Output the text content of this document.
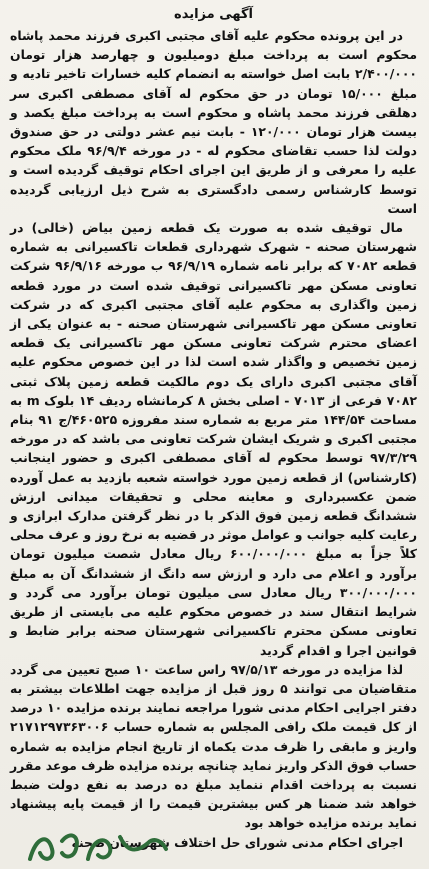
آگهی مزایده

در این پرونده محکوم علیه آقای مجتبی اکبری فرزند محمد پاشاه محکوم است به پرداخت مبلغ دومیلیون و چهارصد هزار تومان ۲/۴۰۰/۰۰۰ بابت اصل خواسته به انضمام کلیه خسارات تاخیر تادیه و مبلغ ۱۵/۰۰۰ تومان در حق محکوم له آقای مصطفی اکبری سر دهلقی فرزند محمد پاشاه و محکوم است به پرداخت مبلغ یکصد و بیست هزار تومان ۱۲۰/۰۰۰ - بابت نیم عشر دولتی در حق صندوق دولت لذا حسب تقاضای محکوم له - در مورخه ۹۶/۹/۴ ملک محکوم علیه را معرفی و از طریق این اجرای احکام توقیف گردیده است و توسط کارشناس رسمی دادگستری به شرح ذیل ارزیابی گردیده است

مال توقیف شده به صورت یک قطعه زمین بیاض (خالی) در شهرستان صحنه - شهرک شهرداری قطعات تاکسیرانی به شماره قطعه ۷۰۸۲ که برابر نامه شماره ۹۶/۹/۱۹ ب مورخه ۹۶/۹/۱۶ شرکت تعاونی مسکن مهر تاکسیرانی توقیف شده است در مورد قطعه زمین واگذاری به محکوم علیه آقای مجتبی اکبری که در شرکت تعاونی مسکن مهر تاکسیرانی شهرستان صحنه - به عنوان یکی از اعضای محترم شرکت تعاونی مسکن مهر تاکسیرانی یک قطعه زمین تخصیص و واگذار شده است لذا در این خصوص محکوم علیه آقای مجتبی اکبری دارای یک دوم مالکیت قطعه زمین پلاک ثبتی ۷۰۸۲ فرعی از ۷۰۱۳ - اصلی بخش ۸ کرمانشاه ردیف ۱۴ بلوک m به مساحت ۱۴۴/۵۴ متر مربع به شماره سند مفروزه ۴۶۰۵۲۵/ج ۹۱ بنام مجتبی اکبری و شریک ایشان شرکت تعاونی می باشد که در مورخه ۹۷/۳/۲۹ توسط محکوم له آقای مصطفی اکبری و حضور اینجانب (کارشناس) از قطعه زمین مورد خواسته شعبه بازدید به عمل آورده ضمن عکسبرداری و معاینه محلی و تحقیقات میدانی ارزش ششدانگ قطعه زمین فوق الذکر با در نظر گرفتن مدارک ابرازی و رعایت کلیه جوانب و عوامل موثر در قضیه به نرخ روز و عرف محلی کلاً جزاً به مبلغ ۶۰۰/۰۰۰/۰۰۰ ریال معادل شصت میلیون تومان برآورد و اعلام می دارد و ارزش سه دانگ از ششدانگ آن به مبلغ ۳۰۰/۰۰۰/۰۰۰ ریال معادل سی میلیون تومان برآورد می گردد و شرایط انتقال سند در خصوص محکوم علیه می بایستی از طریق تعاونی مسکن محترم تاکسیرانی شهرستان صحنه برابر ضابط و قوانین اجرا و اقدام گردید

لذا مزایده در مورخه ۹۷/۵/۱۳ راس ساعت ۱۰ صبح تعیین می گردد متقاضیان می توانند ۵ روز قبل از مزایده جهت اطلاعات بیشتر به دفتر اجرایی احکام مدنی شورا مراجعه نمایند برنده مزایده ۱۰ درصد از کل قیمت ملک رافی المجلس به شماره حساب ۲۱۷۱۲۹۷۳۶۳۰۰۶ واریز و مابقی را ظرف مدت یکماه از تاریخ انجام مزایده به شماره حساب فوق الذکر واریز نماید چنانچه برنده مزایده ظرف موعد مقرر نسبت به پرداخت اقدام ننماید مبلغ ده درصد به نفع دولت ضبط خواهد شد ضمنا هر کس بیشترین قیمت را از قیمت پایه پیشنهاد نماید برنده مزایده خواهد بود

اجرای احکام مدنی شورای حل اختلاف شهرستان صحنه
